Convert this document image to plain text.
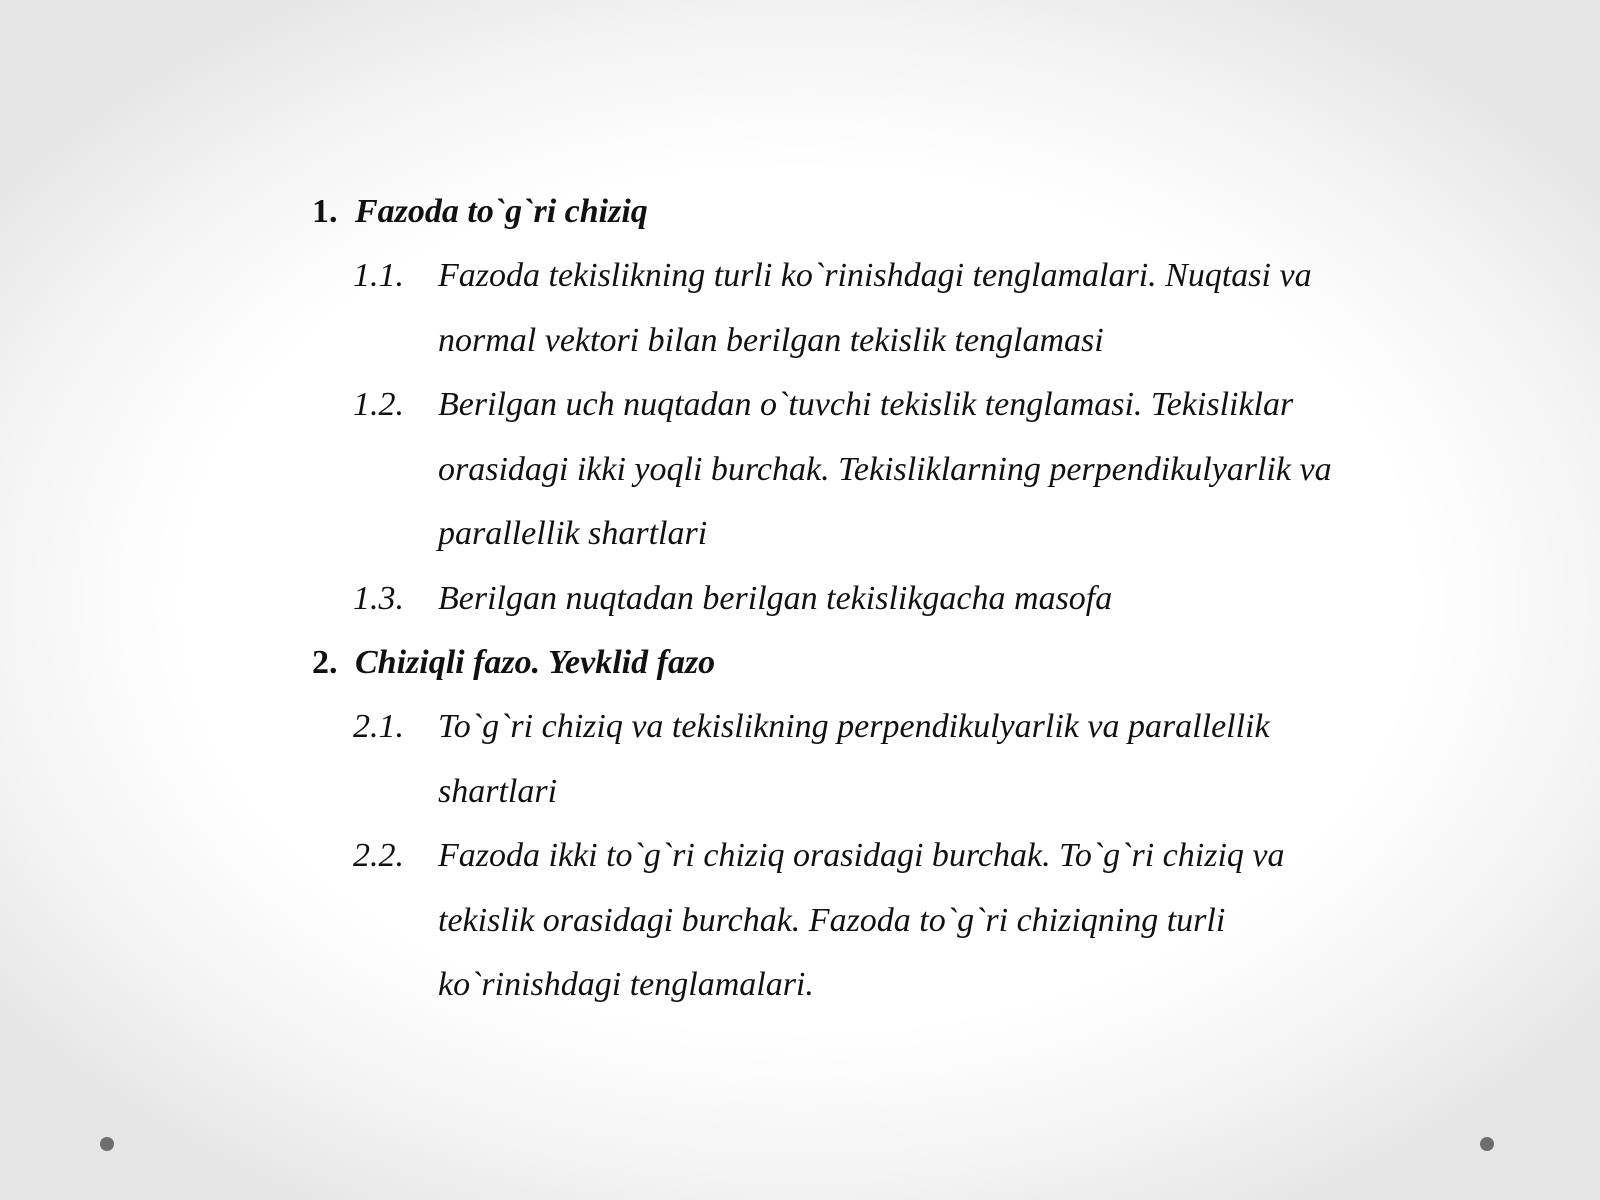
1. Fazoda to`g`ri chiziq
1.1. Fazoda tekislikning turli ko`rinishdagi tenglamalari. Nuqtasi va normal vektori bilan berilgan tekislik tenglamasi
1.2. Berilgan uch nuqtadan o`tuvchi tekislik tenglamasi. Tekisliklar orasidagi ikki yoqli burchak. Tekisliklarning perpendikulyarlik va parallellik shartlari
1.3. Berilgan nuqtadan berilgan tekislikgacha masofa
2. Chiziqli fazo. Yevklid fazo
2.1. To`g`ri chiziq va tekislikning perpendikulyarlik va parallellik shartlari
2.2. Fazoda ikki to`g`ri chiziq orasidagi burchak. To`g`ri chiziq va tekislik orasidagi burchak. Fazoda to`g`ri chiziqning turli ko`rinishdagi tenglamalari.
